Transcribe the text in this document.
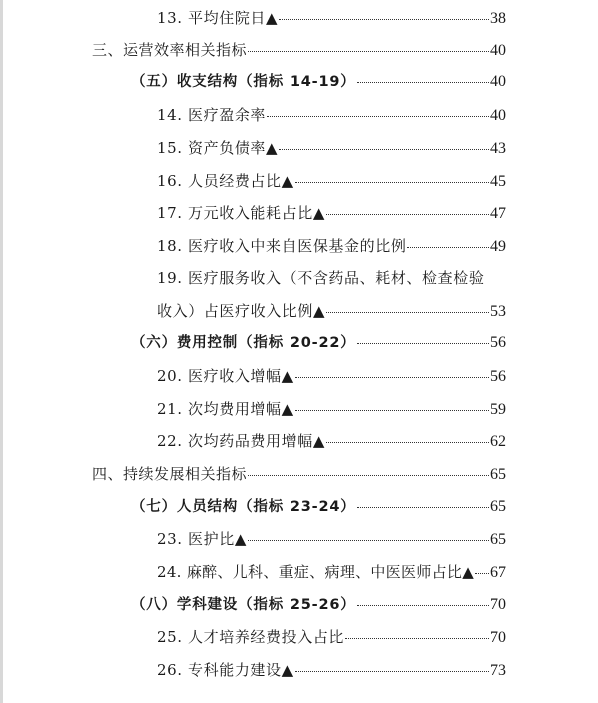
13. 平均住院日▲	38
三、运营效率相关指标	40
（五）收支结构（指标 14-19）	40
14. 医疗盈余率	40
15. 资产负债率▲	43
16. 人员经费占比▲	45
17. 万元收入能耗占比▲	47
18. 医疗收入中来自医保基金的比例	49
19. 医疗服务收入（不含药品、耗材、检查检验
收入）占医疗收入比例▲	53
（六）费用控制（指标 20-22）	56
20. 医疗收入增幅▲	56
21. 次均费用增幅▲	59
22. 次均药品费用增幅▲	62
四、持续发展相关指标	65
（七）人员结构（指标 23-24）	65
23. 医护比▲	65
24. 麻醉、儿科、重症、病理、中医医师占比▲ 67
（八）学科建设（指标 25-26）	70
25. 人才培养经费投入占比	70
26. 专科能力建设▲	73
